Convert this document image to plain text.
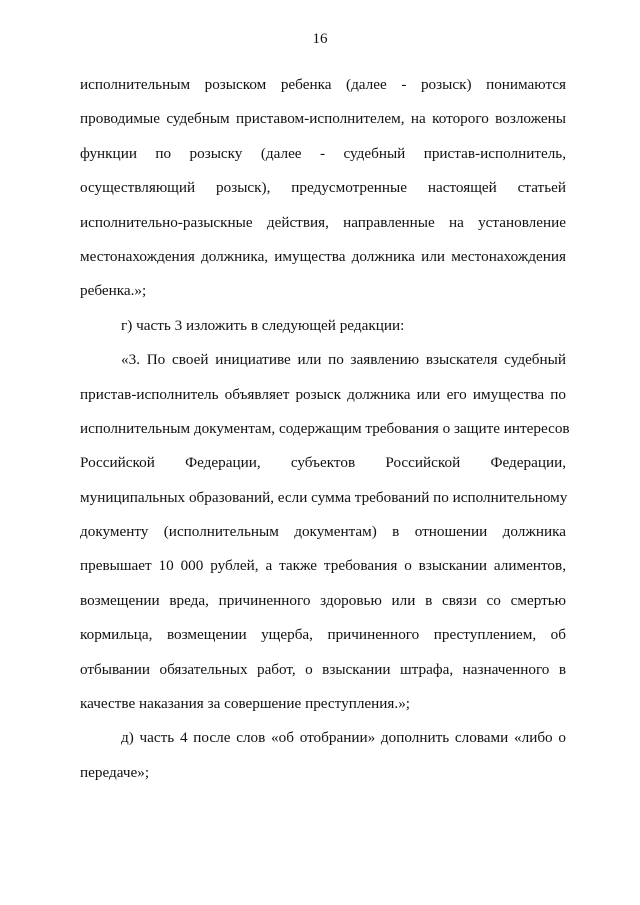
16
исполнительным розыском ребенка (далее - розыск) понимаются
проводимые судебным приставом-исполнителем, на которого возложены
функции по розыску (далее - судебный пристав-исполнитель,
осуществляющий розыск), предусмотренные настоящей статьей
исполнительно-разыскные действия, направленные на установление
местонахождения должника, имущества должника или местонахождения
ребенка.»;
г) часть 3 изложить в следующей редакции:
«3. По своей инициативе или по заявлению взыскателя судебный
пристав-исполнитель объявляет розыск должника или его имущества по
исполнительным документам, содержащим требования о защите интересов
Российской Федерации, субъектов Российской Федерации,
муниципальных образований, если сумма требований по исполнительному
документу (исполнительным документам) в отношении должника
превышает 10 000 рублей, а также требования о взыскании алиментов,
возмещении вреда, причиненного здоровью или в связи со смертью
кормильца, возмещении ущерба, причиненного преступлением, об
отбывании обязательных работ, о взыскании штрафа, назначенного в
качестве наказания за совершение преступления.»;
д) часть 4 после слов «об отобрании» дополнить словами «либо о
передаче»;
